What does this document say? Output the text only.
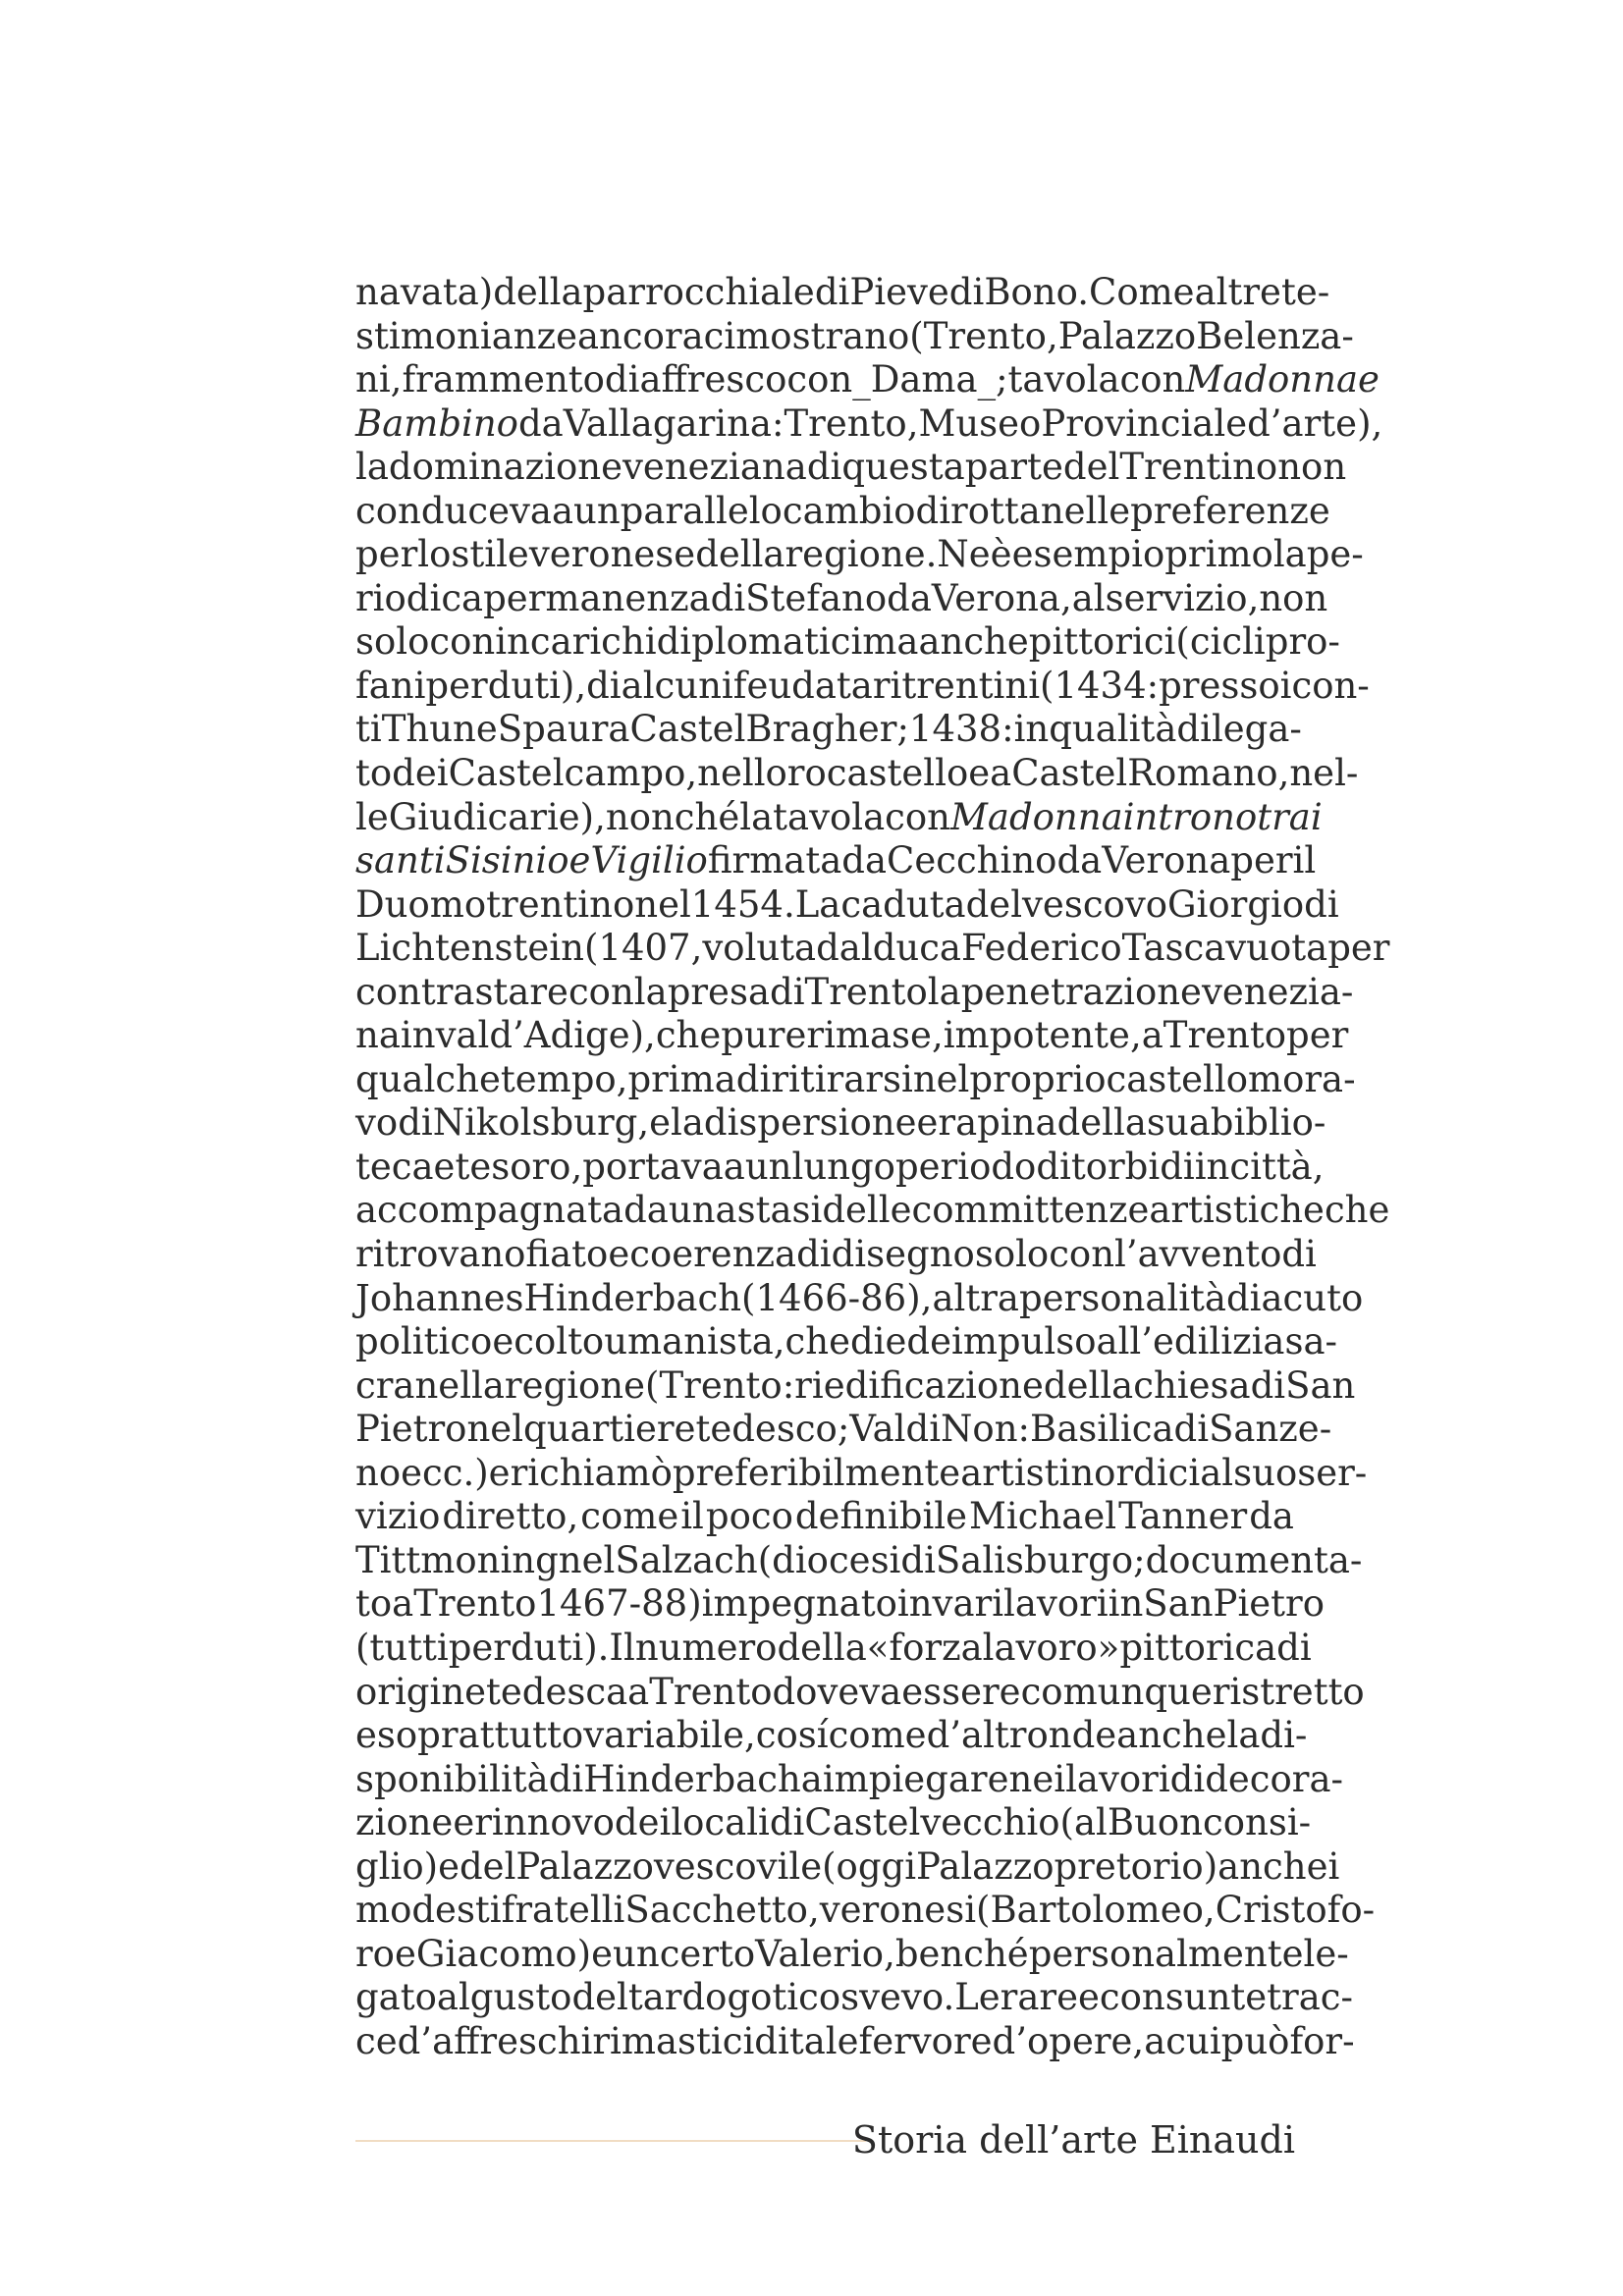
navata) della parrocchiale di Pieve di Bono. Come altre te-
stimonianze ancora ci mostrano (Trento, Palazzo Belenza-
ni, frammento di affresco con _Dama_; tavola con Madonna e
Bambino da Vallagarina: Trento, Museo Provinciale d’arte),
la dominazione veneziana di questa parte del Trentino non
conduceva a un parallelo cambio di rotta nelle preferenze
per lo stile veronese della regione. Ne è esempio primo la pe-
riodica permanenza di Stefano da Verona, al servizio, non
solo con incarichi diplomatici ma anche pittorici (cicli pro-
fani perduti), di alcuni feudatari trentini (1434: presso i con-
ti Thun e Spaur a Castel Bragher; 1438: in qualità di lega-
to dei Castelcampo, nel loro castello e a Castel Romano, nel-
le Giudicarie), nonché la tavola con Madonna in trono tra i
santi Sisinio e Vigilio firmata da Cecchino da Verona per il
Duomo trentino nel 1454. La caduta del vescovo Giorgio di
Lichtenstein (1407, voluta dal duca Federico Tascavuota per
contrastare con la presa di Trento la penetrazione venezia-
na in val d’Adige), che pure rimase, impotente, a Trento per
qualche tempo, prima di ritirarsi nel proprio castello mora-
vo di Nikolsburg, e la dispersione e rapina della sua biblio-
teca e tesoro, portava a un lungo periodo di torbidi in città,
accompagnata da una stasi delle committenze artistiche che
ritrovano fiato e coerenza di disegno solo con l’avvento di
Johannes Hinderbach (1466-86), altra personalità di acuto
politico e colto umanista, che diede impulso all’edilizia sa-
cra nella regione (Trento: riedificazione della chiesa di San
Pietro nel quartiere tedesco; Val di Non: Basilica di Sanze-
no ecc.) e richiamò preferibilmente artisti nordici al suo ser-
vizio diretto, come il poco definibile Michael Tanner da
Tittmoning nel Salzach (diocesi di Salisburgo; documenta-
to a Trento 1467-88) impegnato in vari lavori in San Pietro
(tutti perduti). Il numero della «forza lavoro» pittorica di
origine tedesca a Trento doveva essere comunque ristretto
e soprattutto variabile, cosí come d’altronde anche la di-
sponibilità di Hinderbach a impiegare nei lavori di decora-
zione e rinnovo dei locali di Castelvecchio (al Buonconsi-
glio) e del Palazzo vescovile (oggi Palazzo pretorio) anche i
modesti fratelli Sacchetto, veronesi (Bartolomeo, Cristofo-
ro e Giacomo) e un certo Valerio, benché personalmente le-
gato al gusto del tardo gotico svevo. Le rare e consunte trac-
ce d’affreschi rimastici di tale fervore d’opere, a cui può for-
Storia dell’arte Einaudi
